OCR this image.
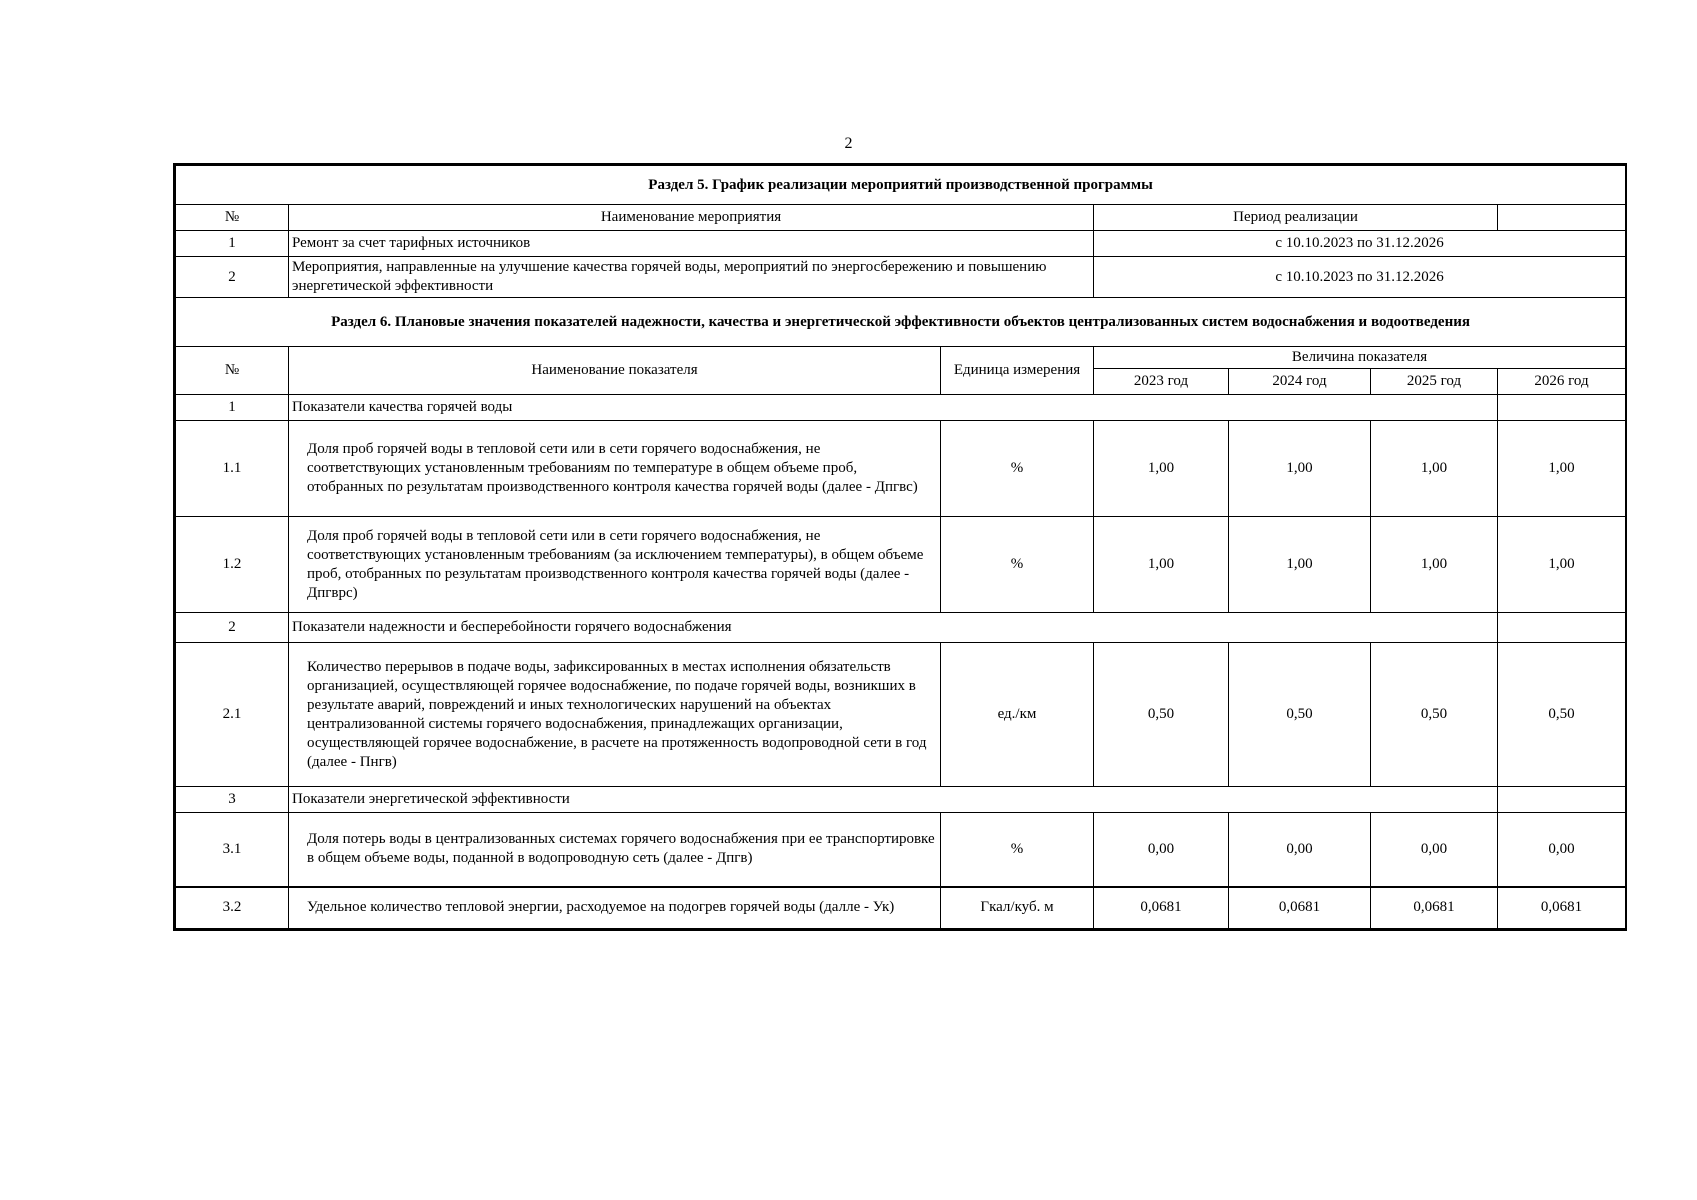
2
Раздел 5. График реализации мероприятий производственной программы						
№	Наименование мероприятия		Период реализации			
1	Ремонт за счет тарифных источников		с 10.10.2023 по 31.12.2026			
2	Мероприятия, направленные на улучшение качества горячей воды, мероприятий по энергосбережению и повышению энергетической эффективности		с 10.10.2023 по 31.12.2026			
Раздел 6. Плановые значения показателей надежности, качества и энергетической эффективности объектов централизованных систем водоснабжения и водоотведения						
№	Наименование показателя	Единица измерения	Величина показателя			
			2023 год	2024 год	2025 год	2026 год
1	Показатели качества горячей воды					
1.1	Доля проб горячей воды в тепловой сети или в сети горячего водоснабжения, не соответствующих установленным требованиям по температуре в общем объеме проб, отобранных по результатам производственного контроля качества горячей воды (далее - Дпгвс)	%	1,00	1,00	1,00	1,00
1.2	Доля проб горячей воды в тепловой сети или в сети горячего водоснабжения, не соответствующих установленным требованиям (за исключением температуры), в общем объеме проб, отобранных по результатам производственного контроля качества горячей воды (далее - Дпгврс)	%	1,00	1,00	1,00	1,00
2	Показатели надежности и бесперебойности горячего водоснабжения					
2.1	Количество перерывов в подаче воды, зафиксированных в местах исполнения обязательств организацией, осуществляющей горячее водоснабжение, по подаче горячей воды, возникших в результате аварий, повреждений и иных технологических нарушений на объектах централизованной системы горячего водоснабжения, принадлежащих организации, осуществляющей горячее водоснабжение, в расчете на протяженность водопроводной сети в год (далее - Пнгв)	ед./км	0,50	0,50	0,50	0,50
3	Показатели энергетической эффективности					
3.1	Доля потерь воды в централизованных системах горячего водоснабжения при ее транспортировке в общем объеме воды, поданной в водопроводную сеть (далее - Дпгв)	%	0,00	0,00	0,00	0,00
3.2	Удельное количество тепловой энергии, расходуемое на подогрев горячей воды (далле - Ук)	Гкал/куб. м	0,0681	0,0681	0,0681	0,0681
